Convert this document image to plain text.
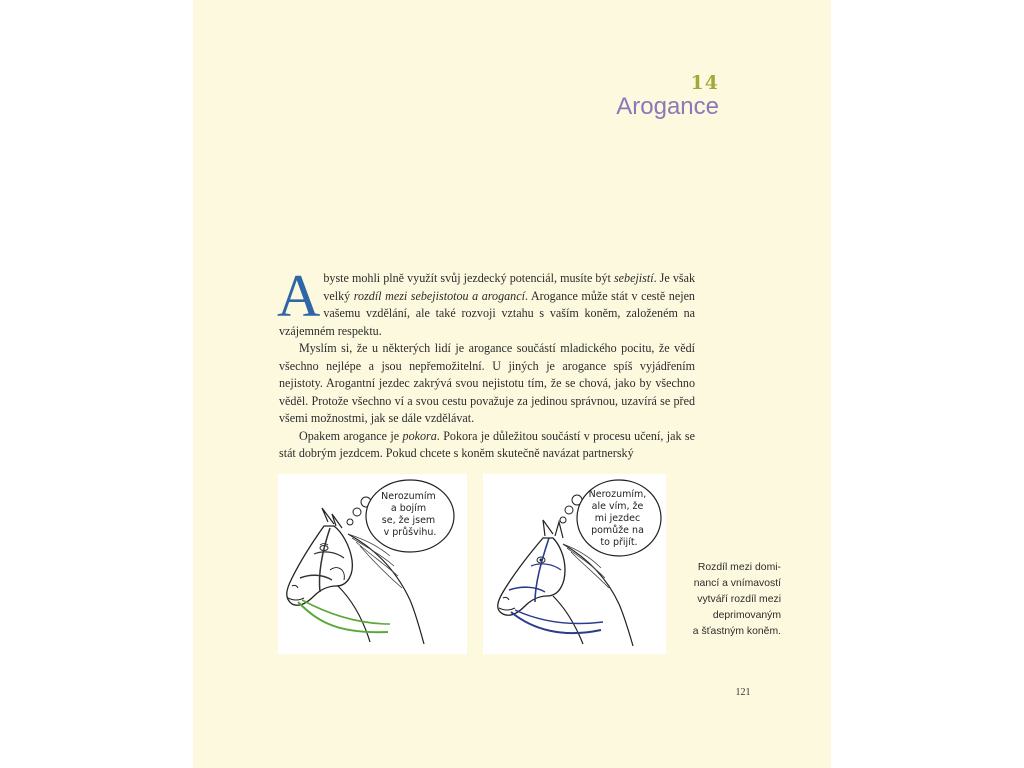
14
Arogance

Abyste mohli plně využít svůj jezdecký potenciál, musíte být sebejistí. Je však velký rozdíl mezi sebejistotou a arogancí. Arogance může stát v cestě nejen vašemu vzdělání, ale také rozvoji vztahu s vaším koněm, založeném na vzájemném respektu.

Myslím si, že u některých lidí je arogance součástí mladického pocitu, že vědí všechno nejlépe a jsou nepřemožitelní. U jiných je arogance spíš vyjádřením nejistoty. Arogantní jezdec zakrývá svou nejistotu tím, že se chová, jako by všechno věděl. Protože všechno ví a svou cestu považuje za jedinou správnou, uzavírá se před všemi možnostmi, jak se dále vzdělávat.

Opakem arogance je pokora. Pokora je důležitou součástí v procesu učení, jak se stát dobrým jezdcem. Pokud chcete s koněm skutečně navázat partnerský

Nerozumím a bojím se, že jsem v průšvihu.
Nerozumím, ale vím, že mi jezdec pomůže na to přijít.
Rozdíl mezi domi-
nancí a vnímavostí
vytváří rozdíl mezi
deprimovaným
a šťastným koněm.
121
